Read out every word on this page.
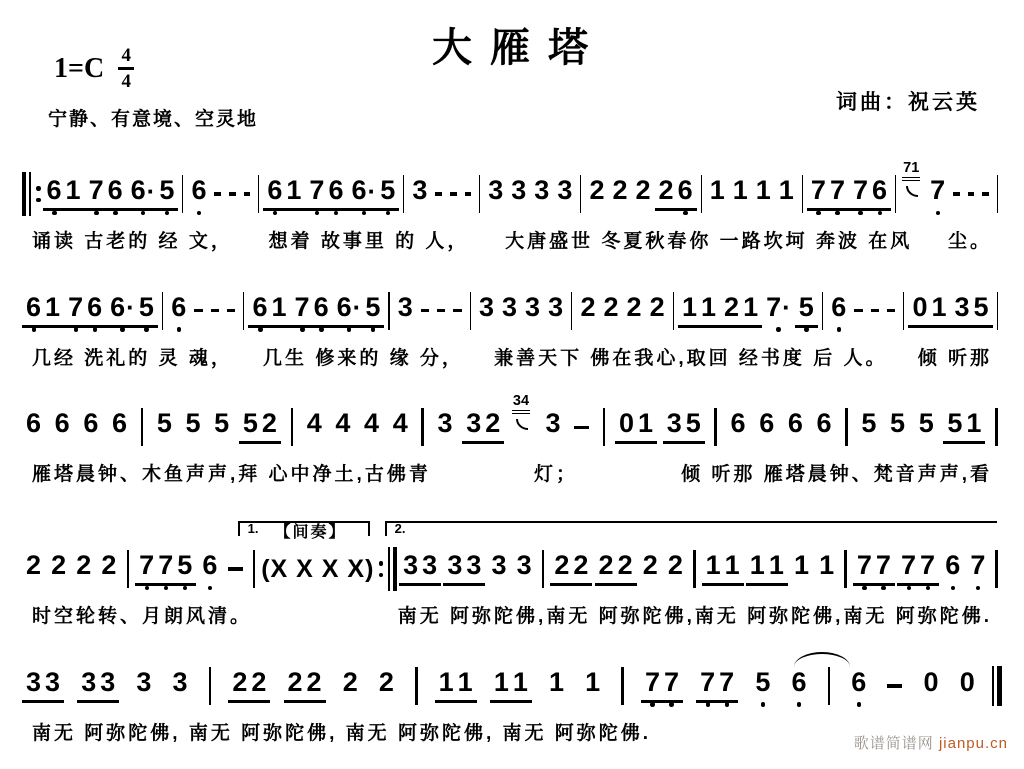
大 雁 塔
$1=C \frac{4}{4}$
词曲：祝云英
宁静、有意境、空灵地
6 1 7 6 6 · 5 6 6 1 7 6 6 · 5 3 3 3 3 3 2 2 2 2 6 1 1 1 1 7 7 7 6
71
7
诵读 古老的 经 文， 想着 故事里 的 人， 大唐盛世 冬夏秋春你 一路坎坷 奔波 在风 尘。
6 1 7 6 6 · 5 6 6 1 7 6 6 · 5 3 3 3 3 3 2 2 2 2 1 1 2 1 7 · 5 6 0 1 3 5
几经 洗礼的 灵 魂， 几生 修来的 缘 分， 兼善天下 佛在我心,取回 经书度 后 人。 倾 听那
6 6 6 6 5 5 5 5 2 4 4 4 4 3 3 2
34
3 0 1 3 5 6 6 6 6 5 5 5 5 1
雁塔晨钟、木鱼声声,拜 心中净土,古佛青	灯；	倾 听那 雁塔晨钟、梵音声声,看
1. 【间奏】	2.
2 2 2 2 7 7 5 6 (X X X X) 3 3 3 3 3 3 2 2 2 2 2 2 1 1 1 1 1 1 7 7 7 7 6 7
时空轮转、月朗风清。	南无 阿弥陀佛,南无 阿弥陀佛,南无 阿弥陀佛,南无 阿弥陀佛.
3 3 3 3 3 3 2 2 2 2 2 2 1 1 1 1 1 1 7 7 7 7 5 6 6 0 0
南无 阿弥陀佛, 南无 阿弥陀佛, 南无 阿弥陀佛, 南无 阿弥陀佛.	歌谱简谱网 jianpu.cn
